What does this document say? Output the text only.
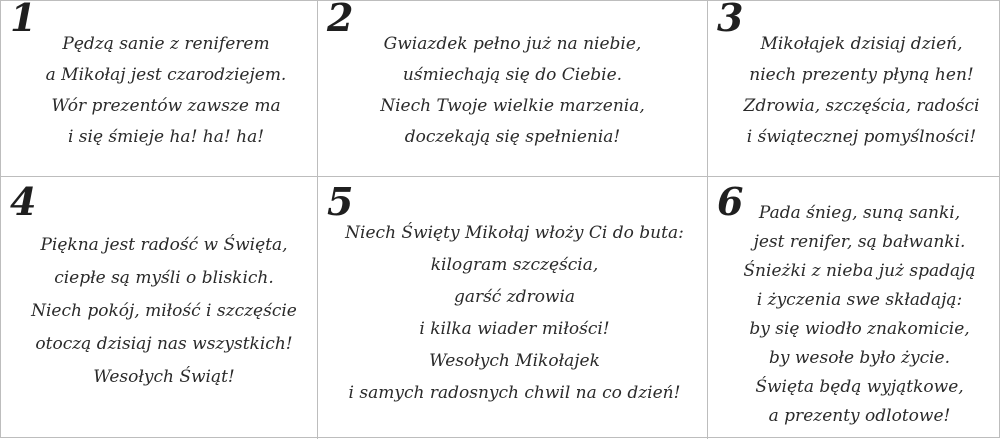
1
Pędzą sanie z reniferem
a Mikołaj jest czarodziejem.
Wór prezentów zawsze ma
i się śmieje ha! ha! ha!
2
Gwiazdek pełno już na niebie,
uśmiechają się do Ciebie.
Niech Twoje wielkie marzenia,
doczekają się spełnienia!
3
Mikołajek dzisiaj dzień,
niech prezenty płyną hen!
Zdrowia, szczęścia, radości
i świątecznej pomyślności!
4
Piękna jest radość w Święta,
ciepłe są myśli o bliskich.
Niech pokój, miłość i szczęście
otoczą dzisiaj nas wszystkich!
Wesołych Świąt!
5
Niech Święty Mikołaj włoży Ci do buta:
kilogram szczęścia,
garść zdrowia
i kilka wiader miłości!
Wesołych Mikołajek
i samych radosnych chwil na co dzień!
6 Pada śnieg, suną sanki,
jest renifer, są bałwanki.
Śnieżki z nieba już spadają
i życzenia swe składają:
by się wiodło znakomicie,
by wesołe było życie.
Święta będą wyjątkowe,
a prezenty odlotowe!
